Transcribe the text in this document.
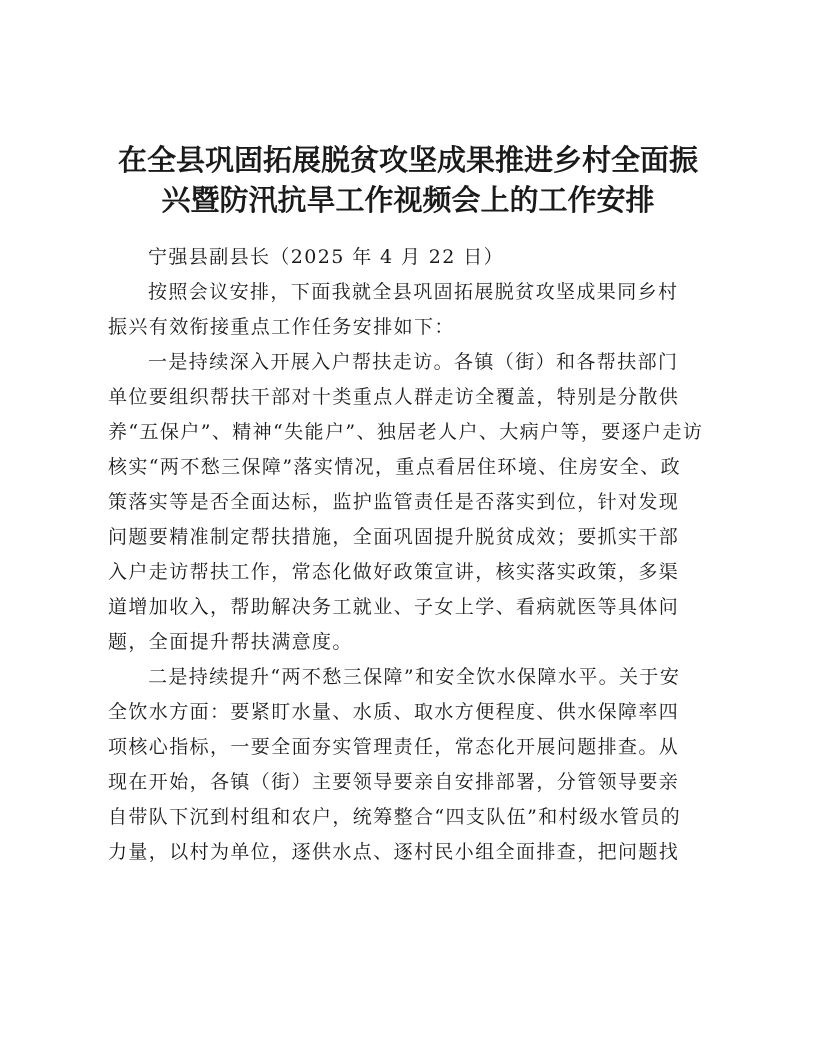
在全县巩固拓展脱贫攻坚成果推进乡村全面振
兴暨防汛抗旱工作视频会上的工作安排

宁强县副县长（2025 年 4 月 22 日）

按照会议安排，下面我就全县巩固拓展脱贫攻坚成果同乡村
振兴有效衔接重点工作任务安排如下：
一是持续深入开展入户帮扶走访。各镇（街）和各帮扶部门
单位要组织帮扶干部对十类重点人群走访全覆盖，特别是分散供
养“五保户”、精神“失能户”、独居老人户、大病户等，要逐户走访
核实“两不愁三保障”落实情况，重点看居住环境、住房安全、政
策落实等是否全面达标，监护监管责任是否落实到位，针对发现
问题要精准制定帮扶措施，全面巩固提升脱贫成效；要抓实干部
入户走访帮扶工作，常态化做好政策宣讲，核实落实政策，多渠
道增加收入，帮助解决务工就业、子女上学、看病就医等具体问
题，全面提升帮扶满意度。
二是持续提升“两不愁三保障”和安全饮水保障水平。关于安
全饮水方面：要紧盯水量、水质、取水方便程度、供水保障率四
项核心指标，一要全面夯实管理责任，常态化开展问题排查。从
现在开始，各镇（街）主要领导要亲自安排部署，分管领导要亲
自带队下沉到村组和农户，统筹整合“四支队伍”和村级水管员的
力量，以村为单位，逐供水点、逐村民小组全面排查，把问题找
